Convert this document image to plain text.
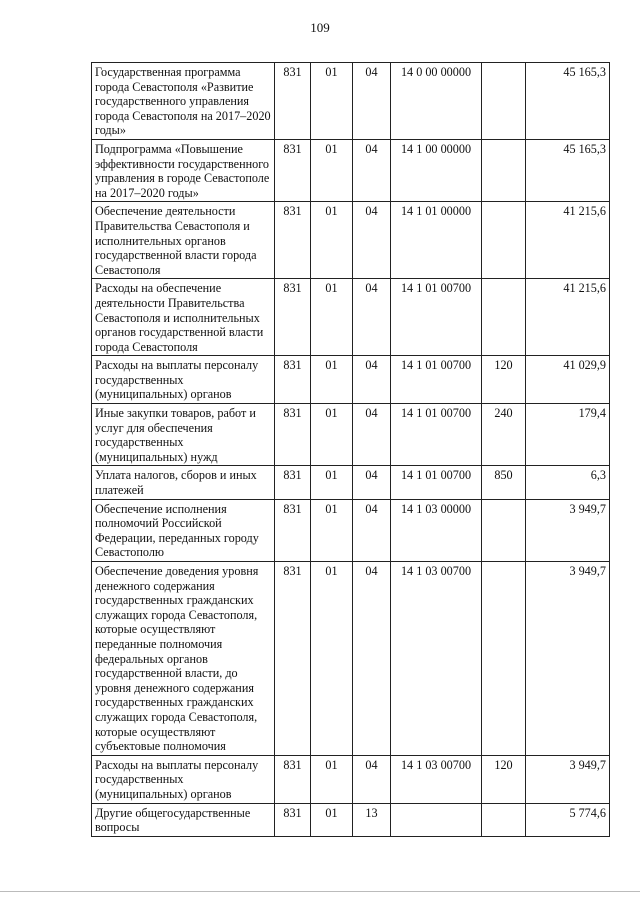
109
Государственная программа города Севастополя «Развитие государственного управления города Севастополя на 2017–2020 годы»	831	01	04	14 0 00 00000		45 165,3
Подпрограмма «Повышение эффективности государственного управления в городе Севастополе на 2017–2020 годы»	831	01	04	14 1 00 00000		45 165,3
Обеспечение деятельности Правительства Севастополя и исполнительных органов государственной власти города Севастополя	831	01	04	14 1 01 00000		41 215,6
Расходы на обеспечение деятельности Правительства Севастополя и исполнительных органов государственной власти города Севастополя	831	01	04	14 1 01 00700		41 215,6
Расходы на выплаты персоналу государственных (муниципальных) органов	831	01	04	14 1 01 00700	120	41 029,9
Иные закупки товаров, работ и услуг для обеспечения государственных (муниципальных) нужд	831	01	04	14 1 01 00700	240	179,4
Уплата налогов, сборов и иных платежей	831	01	04	14 1 01 00700	850	6,3
Обеспечение исполнения полномочий Российской Федерации, переданных городу Севастополю	831	01	04	14 1 03 00000		3 949,7
Обеспечение доведения уровня денежного содержания государственных гражданских служащих города Севастополя, которые осуществляют переданные полномочия федеральных органов государственной власти, до уровня денежного содержания государственных гражданских служащих города Севастополя, которые осуществляют субъектовые полномочия	831	01	04	14 1 03 00700		3 949,7
Расходы на выплаты персоналу государственных (муниципальных) органов	831	01	04	14 1 03 00700	120	3 949,7
Другие общегосударственные вопросы	831	01	13			5 774,6
